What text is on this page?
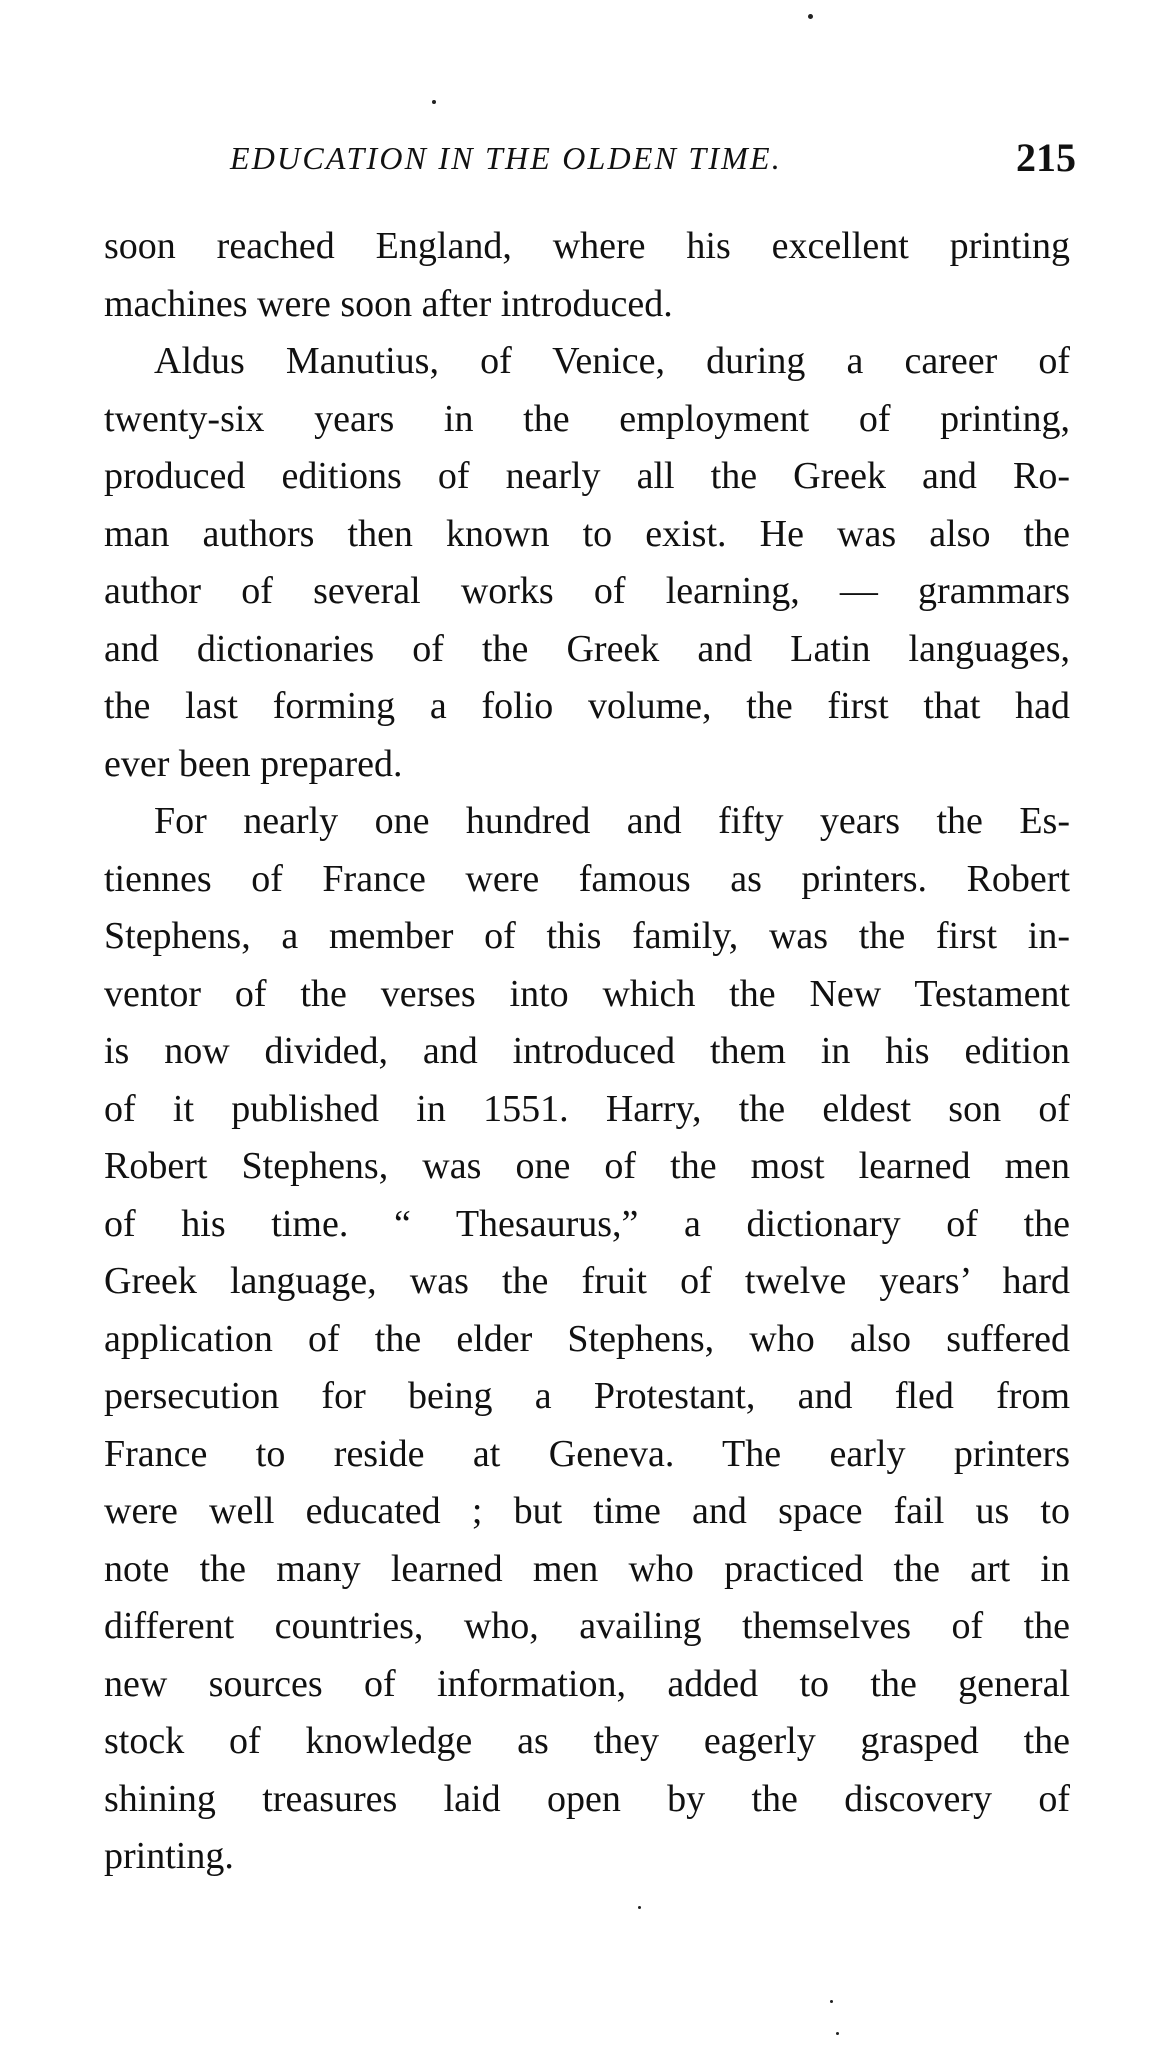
EDUCATION IN THE OLDEN TIME.	215
soon reached England, where his excellent printing
machines were soon after introduced.
Aldus Manutius, of Venice, during a career of
twenty-six years in the employment of printing,
produced editions of nearly all the Greek and Ro-
man authors then known to exist. He was also the
author of several works of learning, — grammars
and dictionaries of the Greek and Latin languages,
the last forming a folio volume, the first that had
ever been prepared.
For nearly one hundred and fifty years the Es-
tiennes of France were famous as printers. Robert
Stephens, a member of this family, was the first in-
ventor of the verses into which the New Testament
is now divided, and introduced them in his edition
of it published in 1551. Harry, the eldest son of
Robert Stephens, was one of the most learned men
of his time. “ Thesaurus,” a dictionary of the
Greek language, was the fruit of twelve years’ hard
application of the elder Stephens, who also suffered
persecution for being a Protestant, and fled from
France to reside at Geneva. The early printers
were well educated ; but time and space fail us to
note the many learned men who practiced the art in
different countries, who, availing themselves of the
new sources of information, added to the general
stock of knowledge as they eagerly grasped the
shining treasures laid open by the discovery of
printing.
